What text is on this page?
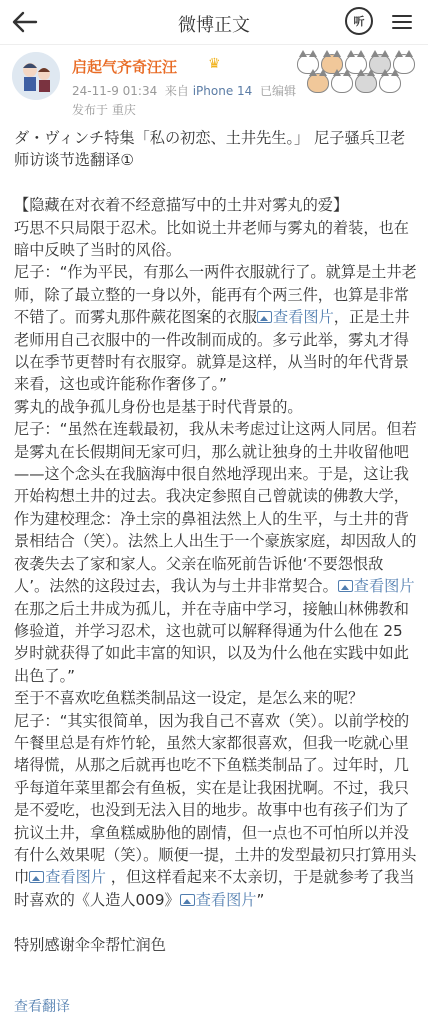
微博正文	听
启起气齐奇汪汪 ♛
24-11-9 01:34 来自 iPhone 14 已编辑
发布于 重庆

ダ・ヴィンチ特集「私の初恋、土井先生。」 尼子骚兵卫老师访谈节选翻译①

【隐藏在对衣着不经意描写中的土井对雾丸的爱】

巧思不只局限于忍术。比如说土井老师与雾丸的着装，也在暗中反映了当时的风俗。

尼子：“作为平民，有那么一两件衣服就行了。就算是土井老师，除了最立整的一身以外，能再有个两三件，也算是非常不错了。而雾丸那件蕨花图案的衣服 查看图片，正是土井老师用自己衣服中的一件改制而成的。多亏此举，雾丸才得以在季节更替时有衣服穿。就算是这样，从当时的年代背景来看，这也或许能称作奢侈了。”

雾丸的战争孤儿身份也是基于时代背景的。

尼子：“虽然在连载最初，我从未考虑过让这两人同居。但若是雾丸在长假期间无家可归，那么就让独身的土井收留他吧——这个念头在我脑海中很自然地浮现出来。于是，这让我开始构想土井的过去。我决定参照自己曾就读的佛教大学，作为建校理念：净土宗的鼻祖法然上人的生平，与土井的背景相结合（笑）。法然上人出生于一个豪族家庭，却因敌人的夜袭失去了家和家人。父亲在临死前告诉他‘不要怨恨敌人’。法然的这段过去，我认为与土井非常契合。 查看图片 在那之后土井成为孤儿，并在寺庙中学习，接触山林佛教和修验道，并学习忍术，这也就可以解释得通为什么他在 25 岁时就获得了如此丰富的知识，以及为什么他在实践中如此出色了。”

至于不喜欢吃鱼糕类制品这一设定，是怎么来的呢？

尼子：“其实很简单，因为我自己不喜欢（笑）。以前学校的午餐里总是有炸竹轮，虽然大家都很喜欢，但我一吃就心里堵得慌，从那之后就再也吃不下鱼糕类制品了。过年时，几乎每道年菜里都会有鱼板，实在是让我困扰啊。不过，我只是不爱吃，也没到无法入目的地步。故事中也有孩子们为了抗议土井，拿鱼糕威胁他的剧情，但一点也不可怕所以并没有什么效果呢（笑）。顺便一提，土井的发型最初只打算用头巾 查看图片 ，但这样看起来不太亲切，于是就参考了我当时喜欢的《人造人009》 查看图片”

特别感谢伞伞帮忙润色

查看翻译
